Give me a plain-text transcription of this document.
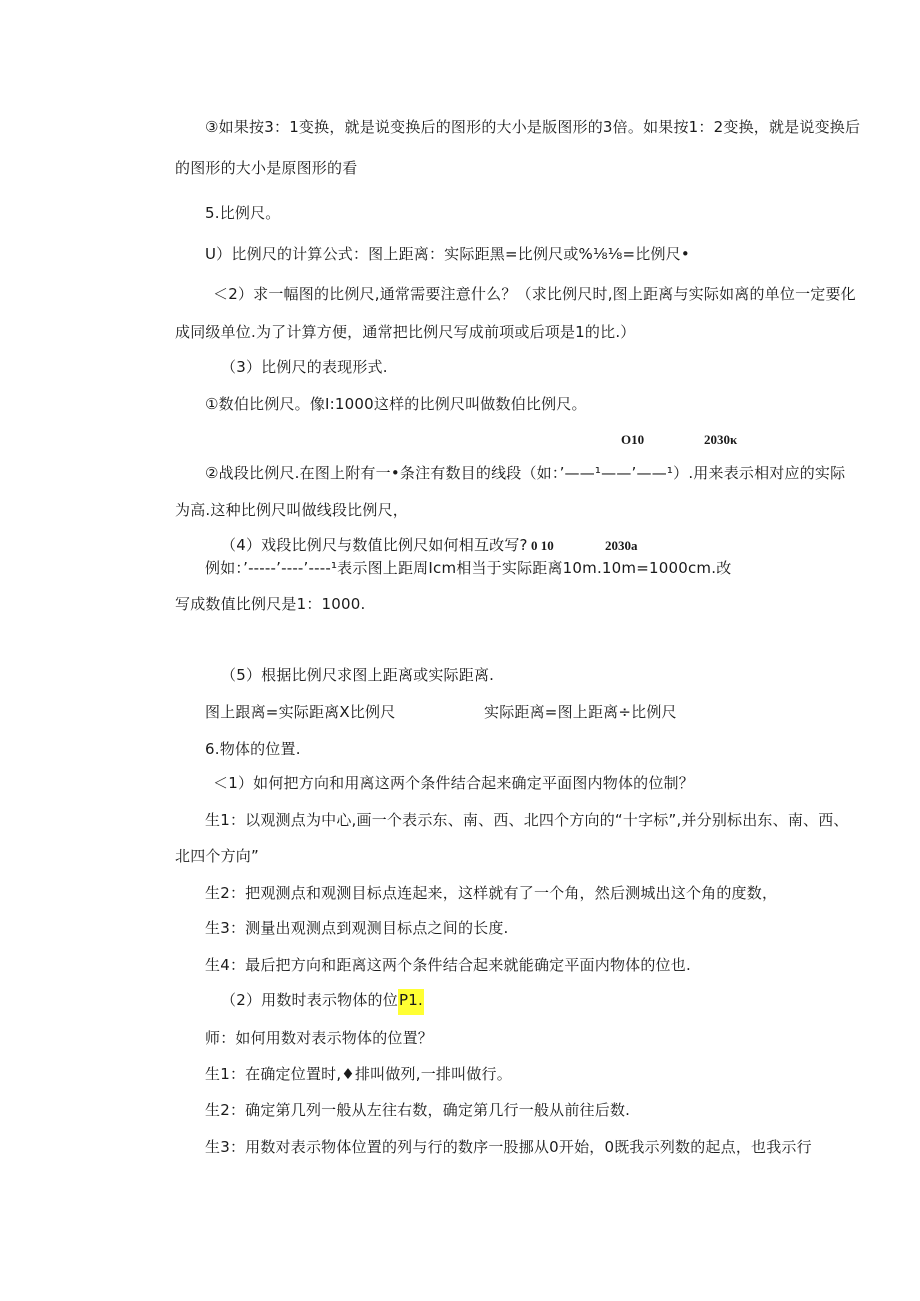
③如果按3：1变换，就是说变换后的图形的大小是版图形的3倍。如果按1：2变换，就是说变换后
的图形的大小是原图形的看
5.比例尺。
U）比例尺的计算公式：图上距离：实际距黑=比例尺或%⅛⅛=比例尺•
＜2）求一幅图的比例尺,通常需要注意什么？（求比例尺时,图上距离与实际如离的单位一定要化
成同级单位.为了计算方便，通常把比例尺写成前项或后项是1的比.）
（3）比例尺的表现形式.
①数伯比例尺。像I:1000这样的比例尺叫做数伯比例尺。
O10	2030κ
②战段比例尺.在图上附有一•条注有数目的线段（如：’——¹——’——¹）.用来表示相对应的实际
为高.这种比例尺叫做线段比例尺，
（4）戏段比例尺与数值比例尺如何相互改写? 0 10	2030a
例如：’-----’----’----¹表示图上距周Icm相当于实际距离10m.10m=1000cm.改
写成数值比例尺是1：1000.
（5）根据比例尺求图上距离或实际距离.
图上跟离=实际距离X比例尺	实际距离=图上距离÷比例尺
6.物体的位置.
＜1）如何把方向和用离这两个条件结合起来确定平面图内物体的位制？
生1：以观测点为中心,画一个表示东、南、西、北四个方向的“十字标”,并分别标出东、南、西、
北四个方向”
生2：把观测点和观测目标点连起来，这样就有了一个角，然后测城出这个角的度数，
生3：测量出观测点到观测目标点之间的长度.
生4：最后把方向和距离这两个条件结合起来就能确定平面内物体的位也.
（2）用数时表示物体的位P1.
师：如何用数对表示物体的位置？
生1：在确定位置时,♦排叫做列,一排叫做行。
生2：确定第几列一般从左往右数，确定第几行一般从前往后数.
生3：用数对表示物体位置的列与行的数序一股挪从0开始，0既我示列数的起点，也我示行
